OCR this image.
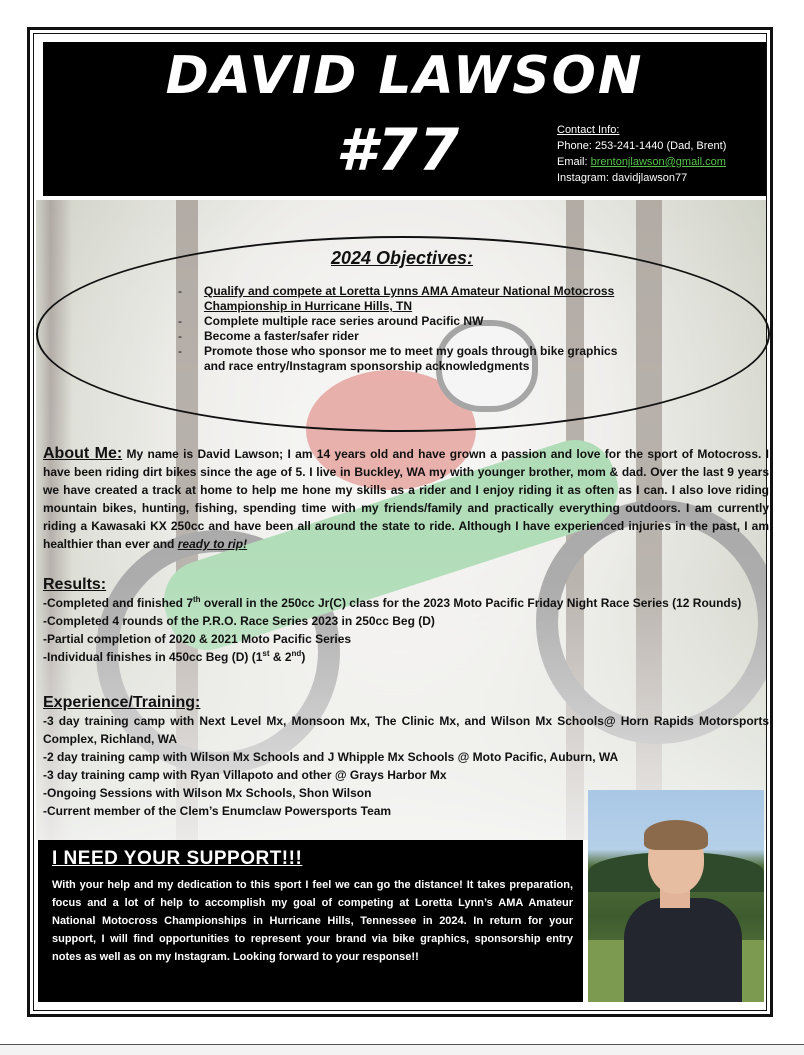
DAVID LAWSON
#77	Contact Info:
Phone: 253-241-1440 (Dad, Brent)
Email: brentonjlawson@gmail.com
Instagram: davidjlawson77
2024 Objectives:
- Qualify and compete at Loretta Lynns AMA Amateur National Motocross
Championship in Hurricane Hills, TN
- Complete multiple race series around Pacific NW
- Become a faster/safer rider
- Promote those who sponsor me to meet my goals through bike graphics
and race entry/Instagram sponsorship acknowledgments
About Me: My name is David Lawson; I am 14 years old and have grown a passion and love for the sport of Motocross. I have been riding dirt bikes since the age of 5. I live in Buckley, WA my with younger brother, mom & dad. Over the last 9 years we have created a track at home to help me hone my skills as a rider and I enjoy riding it as often as I can. I also love riding mountain bikes, hunting, fishing, spending time with my friends/family and practically everything outdoors. I am currently riding a Kawasaki KX 250cc and have been all around the state to ride. Although I have experienced injuries in the past, I am healthier than ever and ready to rip!
Results:
-Completed and finished 7th overall in the 250cc Jr(C) class for the 2023 Moto Pacific Friday Night Race Series (12 Rounds)
-Completed 4 rounds of the P.R.O. Race Series 2023 in 250cc Beg (D)
-Partial completion of 2020 & 2021 Moto Pacific Series
-Individual finishes in 450cc Beg (D) (1st & 2nd)
Experience/Training:
-3 day training camp with Next Level Mx, Monsoon Mx, The Clinic Mx, and Wilson Mx Schools@ Horn Rapids Motorsports Complex, Richland, WA
-2 day training camp with Wilson Mx Schools and J Whipple Mx Schools @ Moto Pacific, Auburn, WA
-3 day training camp with Ryan Villapoto and other @ Grays Harbor Mx
-Ongoing Sessions with Wilson Mx Schools, Shon Wilson
-Current member of the Clem’s Enumclaw Powersports Team
I NEED YOUR SUPPORT!!!
With your help and my dedication to this sport I feel we can go the distance! It takes preparation, focus and a lot of help to accomplish my goal of competing at Loretta Lynn’s AMA Amateur National Motocross Championships in Hurricane Hills, Tennessee in 2024. In return for your support, I will find opportunities to represent your brand via bike graphics, sponsorship entry notes as well as on my Instagram. Looking forward to your response!!
